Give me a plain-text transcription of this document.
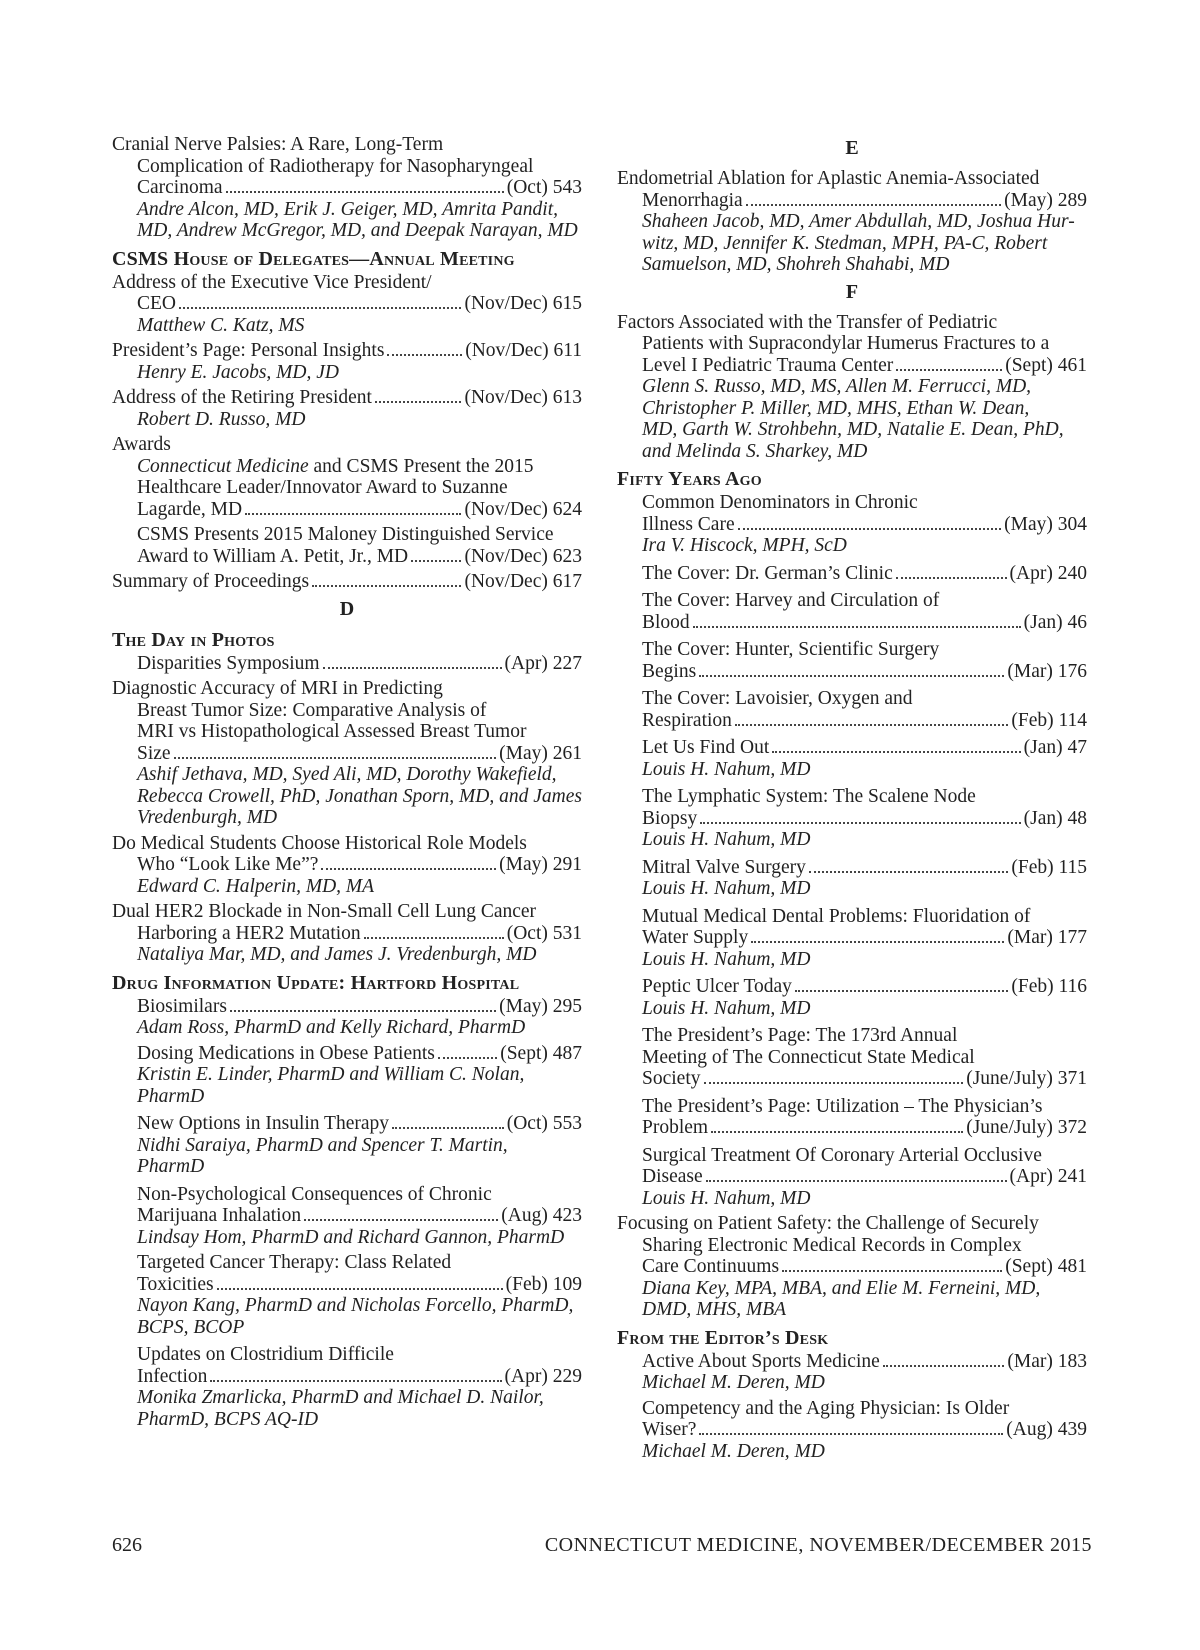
Cranial Nerve Palsies: A Rare, Long-Term
Complication of Radiotherapy for Nasopharyngeal
Carcinoma	(Oct) 543
Andre Alcon, MD, Erik J. Geiger, MD, Amrita Pandit,
MD, Andrew McGregor, MD, and Deepak Narayan, MD
CSMS House of Delegates—Annual Meeting
Address of the Executive Vice President/
CEO	(Nov/Dec) 615
Matthew C. Katz, MS
President’s Page: Personal Insights	(Nov/Dec) 611
Henry E. Jacobs, MD, JD
Address of the Retiring President	(Nov/Dec) 613
Robert D. Russo, MD
Awards
Connecticut Medicine and CSMS Present the 2015
Healthcare Leader/Innovator Award to Suzanne
Lagarde, MD	(Nov/Dec) 624
CSMS Presents 2015 Maloney Distinguished Service
Award to William A. Petit, Jr., MD	(Nov/Dec) 623
Summary of Proceedings	(Nov/Dec) 617
D
The Day in Photos
Disparities Symposium	(Apr) 227
Diagnostic Accuracy of MRI in Predicting
Breast Tumor Size: Comparative Analysis of
MRI vs Histopathological Assessed Breast Tumor
Size	(May) 261
Ashif Jethava, MD, Syed Ali, MD, Dorothy Wakefield,
Rebecca Crowell, PhD, Jonathan Sporn, MD, and James
Vredenburgh, MD
Do Medical Students Choose Historical Role Models
Who “Look Like Me”?	(May) 291
Edward C. Halperin, MD, MA
Dual HER2 Blockade in Non-Small Cell Lung Cancer
Harboring a HER2 Mutation	(Oct) 531
Nataliya Mar, MD, and James J. Vredenburgh, MD
Drug Information Update: Hartford Hospital
Biosimilars	(May) 295
Adam Ross, PharmD and Kelly Richard, PharmD
Dosing Medications in Obese Patients	(Sept) 487
Kristin E. Linder, PharmD and William C. Nolan,
PharmD
New Options in Insulin Therapy	(Oct) 553
Nidhi Saraiya, PharmD and Spencer T. Martin,
PharmD
Non-Psychological Consequences of Chronic
Marijuana Inhalation	(Aug) 423
Lindsay Hom, PharmD and Richard Gannon, PharmD
Targeted Cancer Therapy: Class Related
Toxicities	(Feb) 109
Nayon Kang, PharmD and Nicholas Forcello, PharmD,
BCPS, BCOP
Updates on Clostridium Difficile
Infection	(Apr) 229
Monika Zmarlicka, PharmD and Michael D. Nailor,
PharmD, BCPS AQ-ID
E
Endometrial Ablation for Aplastic Anemia-Associated
Menorrhagia	(May) 289
Shaheen Jacob, MD, Amer Abdullah, MD, Joshua Hur-
witz, MD, Jennifer K. Stedman, MPH, PA-C, Robert
Samuelson, MD, Shohreh Shahabi, MD
F
Factors Associated with the Transfer of Pediatric
Patients with Supracondylar Humerus Fractures to a
Level I Pediatric Trauma Center	(Sept) 461
Glenn S. Russo, MD, MS, Allen M. Ferrucci, MD,
Christopher P. Miller, MD, MHS, Ethan W. Dean,
MD, Garth W. Strohbehn, MD, Natalie E. Dean, PhD,
and Melinda S. Sharkey, MD
Fifty Years Ago
Common Denominators in Chronic
Illness Care	(May) 304
Ira V. Hiscock, MPH, ScD
The Cover: Dr. German’s Clinic	(Apr) 240
The Cover: Harvey and Circulation of
Blood	(Jan) 46
The Cover: Hunter, Scientific Surgery
Begins	(Mar) 176
The Cover: Lavoisier, Oxygen and
Respiration	(Feb) 114
Let Us Find Out	(Jan) 47
Louis H. Nahum, MD
The Lymphatic System: The Scalene Node
Biopsy	(Jan) 48
Louis H. Nahum, MD
Mitral Valve Surgery	(Feb) 115
Louis H. Nahum, MD
Mutual Medical Dental Problems: Fluoridation of
Water Supply	(Mar) 177
Louis H. Nahum, MD
Peptic Ulcer Today	(Feb) 116
Louis H. Nahum, MD
The President’s Page: The 173rd Annual
Meeting of The Connecticut State Medical
Society	(June/July) 371
The President’s Page: Utilization – The Physician’s
Problem	(June/July) 372
Surgical Treatment Of Coronary Arterial Occlusive
Disease	(Apr) 241
Louis H. Nahum, MD
Focusing on Patient Safety: the Challenge of Securely
Sharing Electronic Medical Records in Complex
Care Continuums	(Sept) 481
Diana Key, MPA, MBA, and Elie M. Ferneini, MD,
DMD, MHS, MBA
From the Editor’s Desk
Active About Sports Medicine	(Mar) 183
Michael M. Deren, MD
Competency and the Aging Physician: Is Older
Wiser?	(Aug) 439
Michael M. Deren, MD
626	CONNECTICUT MEDICINE, NOVEMBER/DECEMBER 2015
